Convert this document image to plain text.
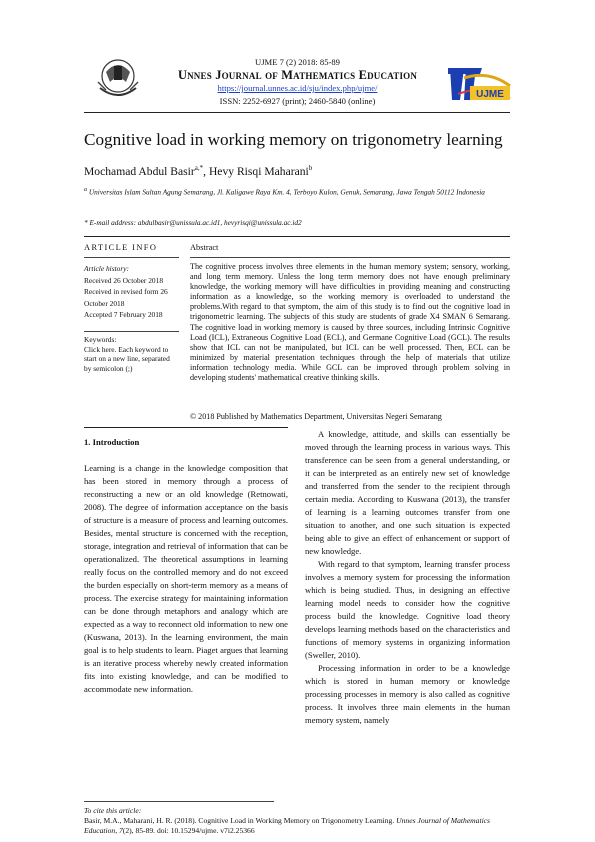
UJME 7 (2) 2018: 85-89
Unnes Journal of Mathematics Education
https://journal.unnes.ac.id/sju/index.php/ujme/
ISSN: 2252-6927 (print); 2460-5840 (online)
UJME
Cognitive load in working memory on trigonometry learning
Mochamad Abdul Basir$^{a,*}$, Hevy Risqi Maharani$^b$
$^a$ Universitas Islam Sultan Agung Semarang, Jl. Kaligawe Raya Km. 4, Terboyo Kulon, Genuk, Semarang, Jawa Tengah 50112 Indonesia
* E-mail address: abdulbasir@unissula.ac.id1, hevyrisqi@unissula.ac.id2
ARTICLE INFO
Article history:
Received 26 October 2018
Received in revised form 26 October 2018
Accepted 7 February 2018
Keywords:
Click here. Each keyword to start on a new line, separated by semicolon (;)
Abstract
The cognitive process involves three elements in the human memory system; sensory, working, and long term memory. Unless the long term memory does not have enough preliminary knowledge, the working memory will have difficulties in providing meaning and constructing information as a knowledge, so the working memory is overloaded to understand the problems.With regard to that symptom, the aim of this study is to find out the cognitive load in trigonometric learning. The subjects of this study are students of grade X4 SMAN 6 Semarang. The cognitive load in working memory is caused by three sources, including Intrinsic Cognitive Load (ICL), Extraneous Cognitive Load (ECL), and Germane Cognitive Load (GCL). The results show that ICL can not be manipulated, but ICL can be well processed. Then, ECL can be minimized by material presentation techniques through the help of materials that utilize information technology media. While GCL can be improved through problem solving in developing students' mathematical creative thinking skills.
© 2018 Published by Mathematics Department, Universitas Negeri Semarang
1. Introduction

Learning is a change in the knowledge composition that has been stored in memory through a process of reconstructing a new or an old knowledge (Retnowati, 2008). The degree of information acceptance on the basis of structure is a measure of process and learning outcomes. Besides, mental structure is concerned with the reception, storage, integration and retrieval of information that can be operationalized. The theoretical assumptions in learning really focus on the controlled memory and do not exceed the burden especially on short-term memory as a means of process. The exercise strategy for maintaining information can be done through metaphors and analogy which are expected as a way to reconnect old information to new one (Kuswana, 2013). In the learning environment, the main goal is to help students to learn. Piaget argues that learning is an iterative process whereby newly created information fits into existing knowledge, and can be modified to accommodate new information.

A knowledge, attitude, and skills can essentially be moved through the learning process in various ways. This transference can be seen from a general understanding, or it can be interpreted as an entirely new set of knowledge and transferred from the sender to the recipient through certain media. According to Kuswana (2013), the transfer of learning is a learning outcomes transfer from one situation to another, and one such situation is expected being able to give an effect of enhancement or support of new knowledge.

With regard to that symptom, learning transfer process involves a memory system for processing the information which is being studied. Thus, in designing an effective learning model needs to consider how the cognitive process build the knowledge. Cognitive load theory develops learning methods based on the characteristics and functions of memory systems in organizing information (Sweller, 2010).

Processing information in order to be a knowledge which is stored in human memory or knowledge processing processes in memory is also called as cognitive process. It involves three main elements in the human memory system, namely

To cite this article:
Basir, M.A., Maharani, H. R. (2018). Cognitive Load in Working Memory on Trigonometry Learning. Unnes Journal of Mathematics Education, 7(2), 85-89. doi: 10.15294/ujme. v7i2.25366
